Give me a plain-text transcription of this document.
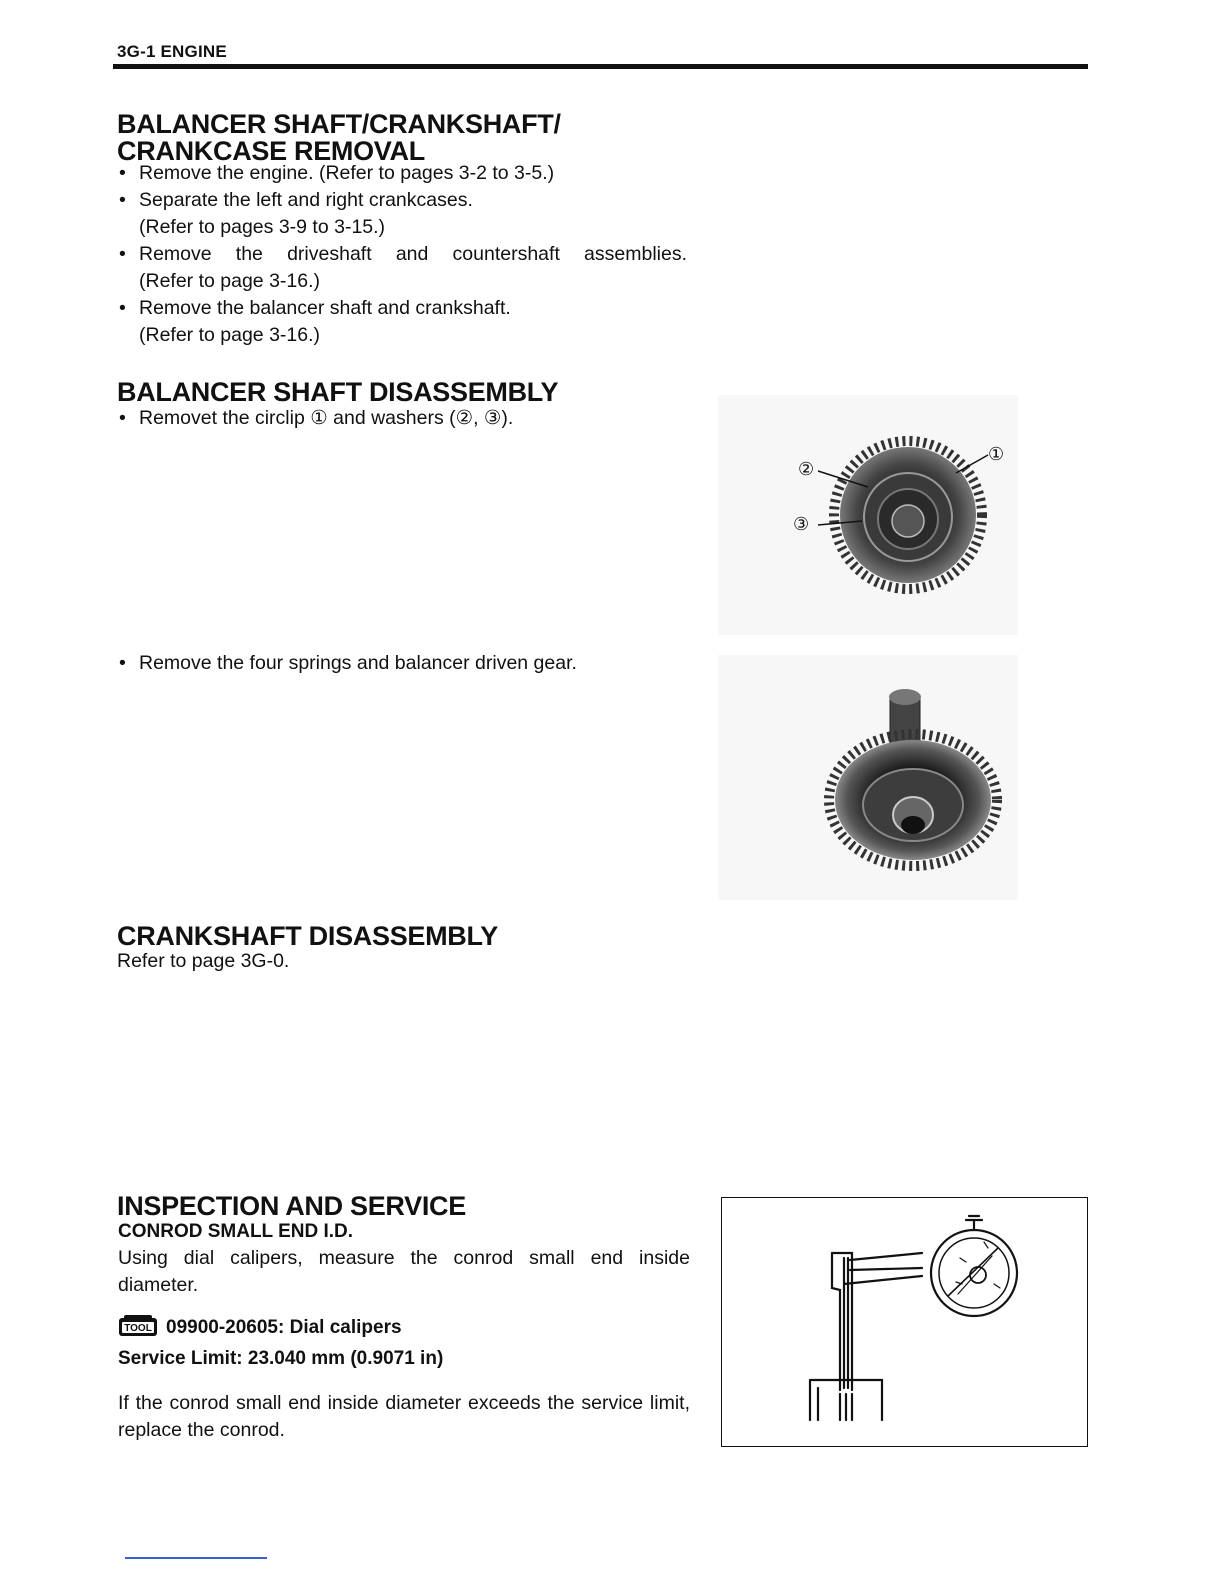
3G-1 ENGINE
BALANCER SHAFT/CRANKSHAFT/
CRANKCASE REMOVAL
• Remove the engine. (Refer to pages 3-2 to 3-5.)
• Separate the left and right crankcases.
(Refer to pages 3-9 to 3-15.)
• Remove the driveshaft and countershaft assemblies.
(Refer to page 3-16.)
• Remove the balancer shaft and crankshaft.
(Refer to page 3-16.)
BALANCER SHAFT DISASSEMBLY
• Removet the circlip ① and washers (②, ③).
• Remove the four springs and balancer driven gear.
②
③
①
CRANKSHAFT DISASSEMBLY
Refer to page 3G-0.
INSPECTION AND SERVICE
CONROD SMALL END I.D.
Using dial calipers, measure the conrod small end inside diameter.
TOOL 09900-20605: Dial calipers
Service Limit: 23.040 mm (0.9071 in)
If the conrod small end inside diameter exceeds the service limit, replace the conrod.
